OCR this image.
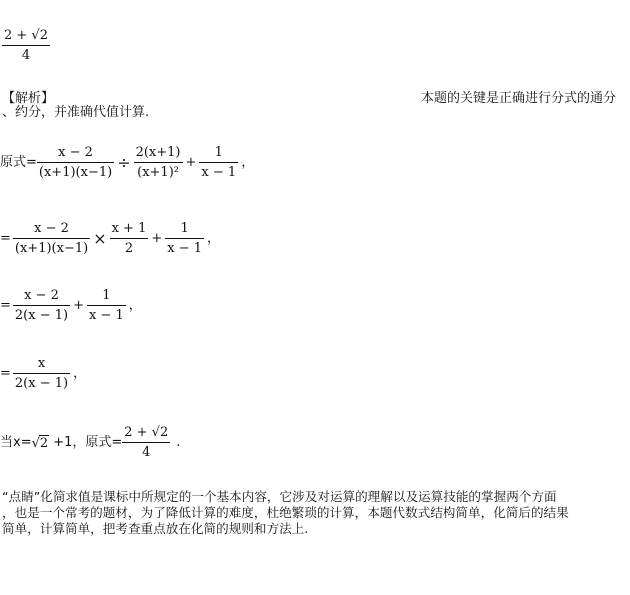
$\frac{2 + √2}{4}$
【解析】	本题的关键是正确进行分式的通分
、约分，并准确代值计算.
原式= $\frac{x - 2}{(x+1)(x-1)} \div \frac{2(x+1)}{\text{(x+1)²}} + \frac{1}{x - 1}$ ，
= $\frac{x - 2}{(x+1)(x-1)} \times \frac{x + 1}{2} + \frac{1}{x - 1}$ ，
= $\frac{x - 2}{2(x - 1)} + \frac{1}{x - 1}$ ，
= $\frac{x}{2(x - 1)}$ ，
当x= √2 +1，原式= $\frac{2 + √2}{4}$ .
“点睛”化简求值是课标中所规定的一个基本内容，它涉及对运算的理解以及运算技能的掌握两个方面
，也是一个常考的题材，为了降低计算的难度，杜绝繁琐的计算，本题代数式结构简单，化简后的结果
简单，计算简单，把考查重点放在化简的规则和方法上.
